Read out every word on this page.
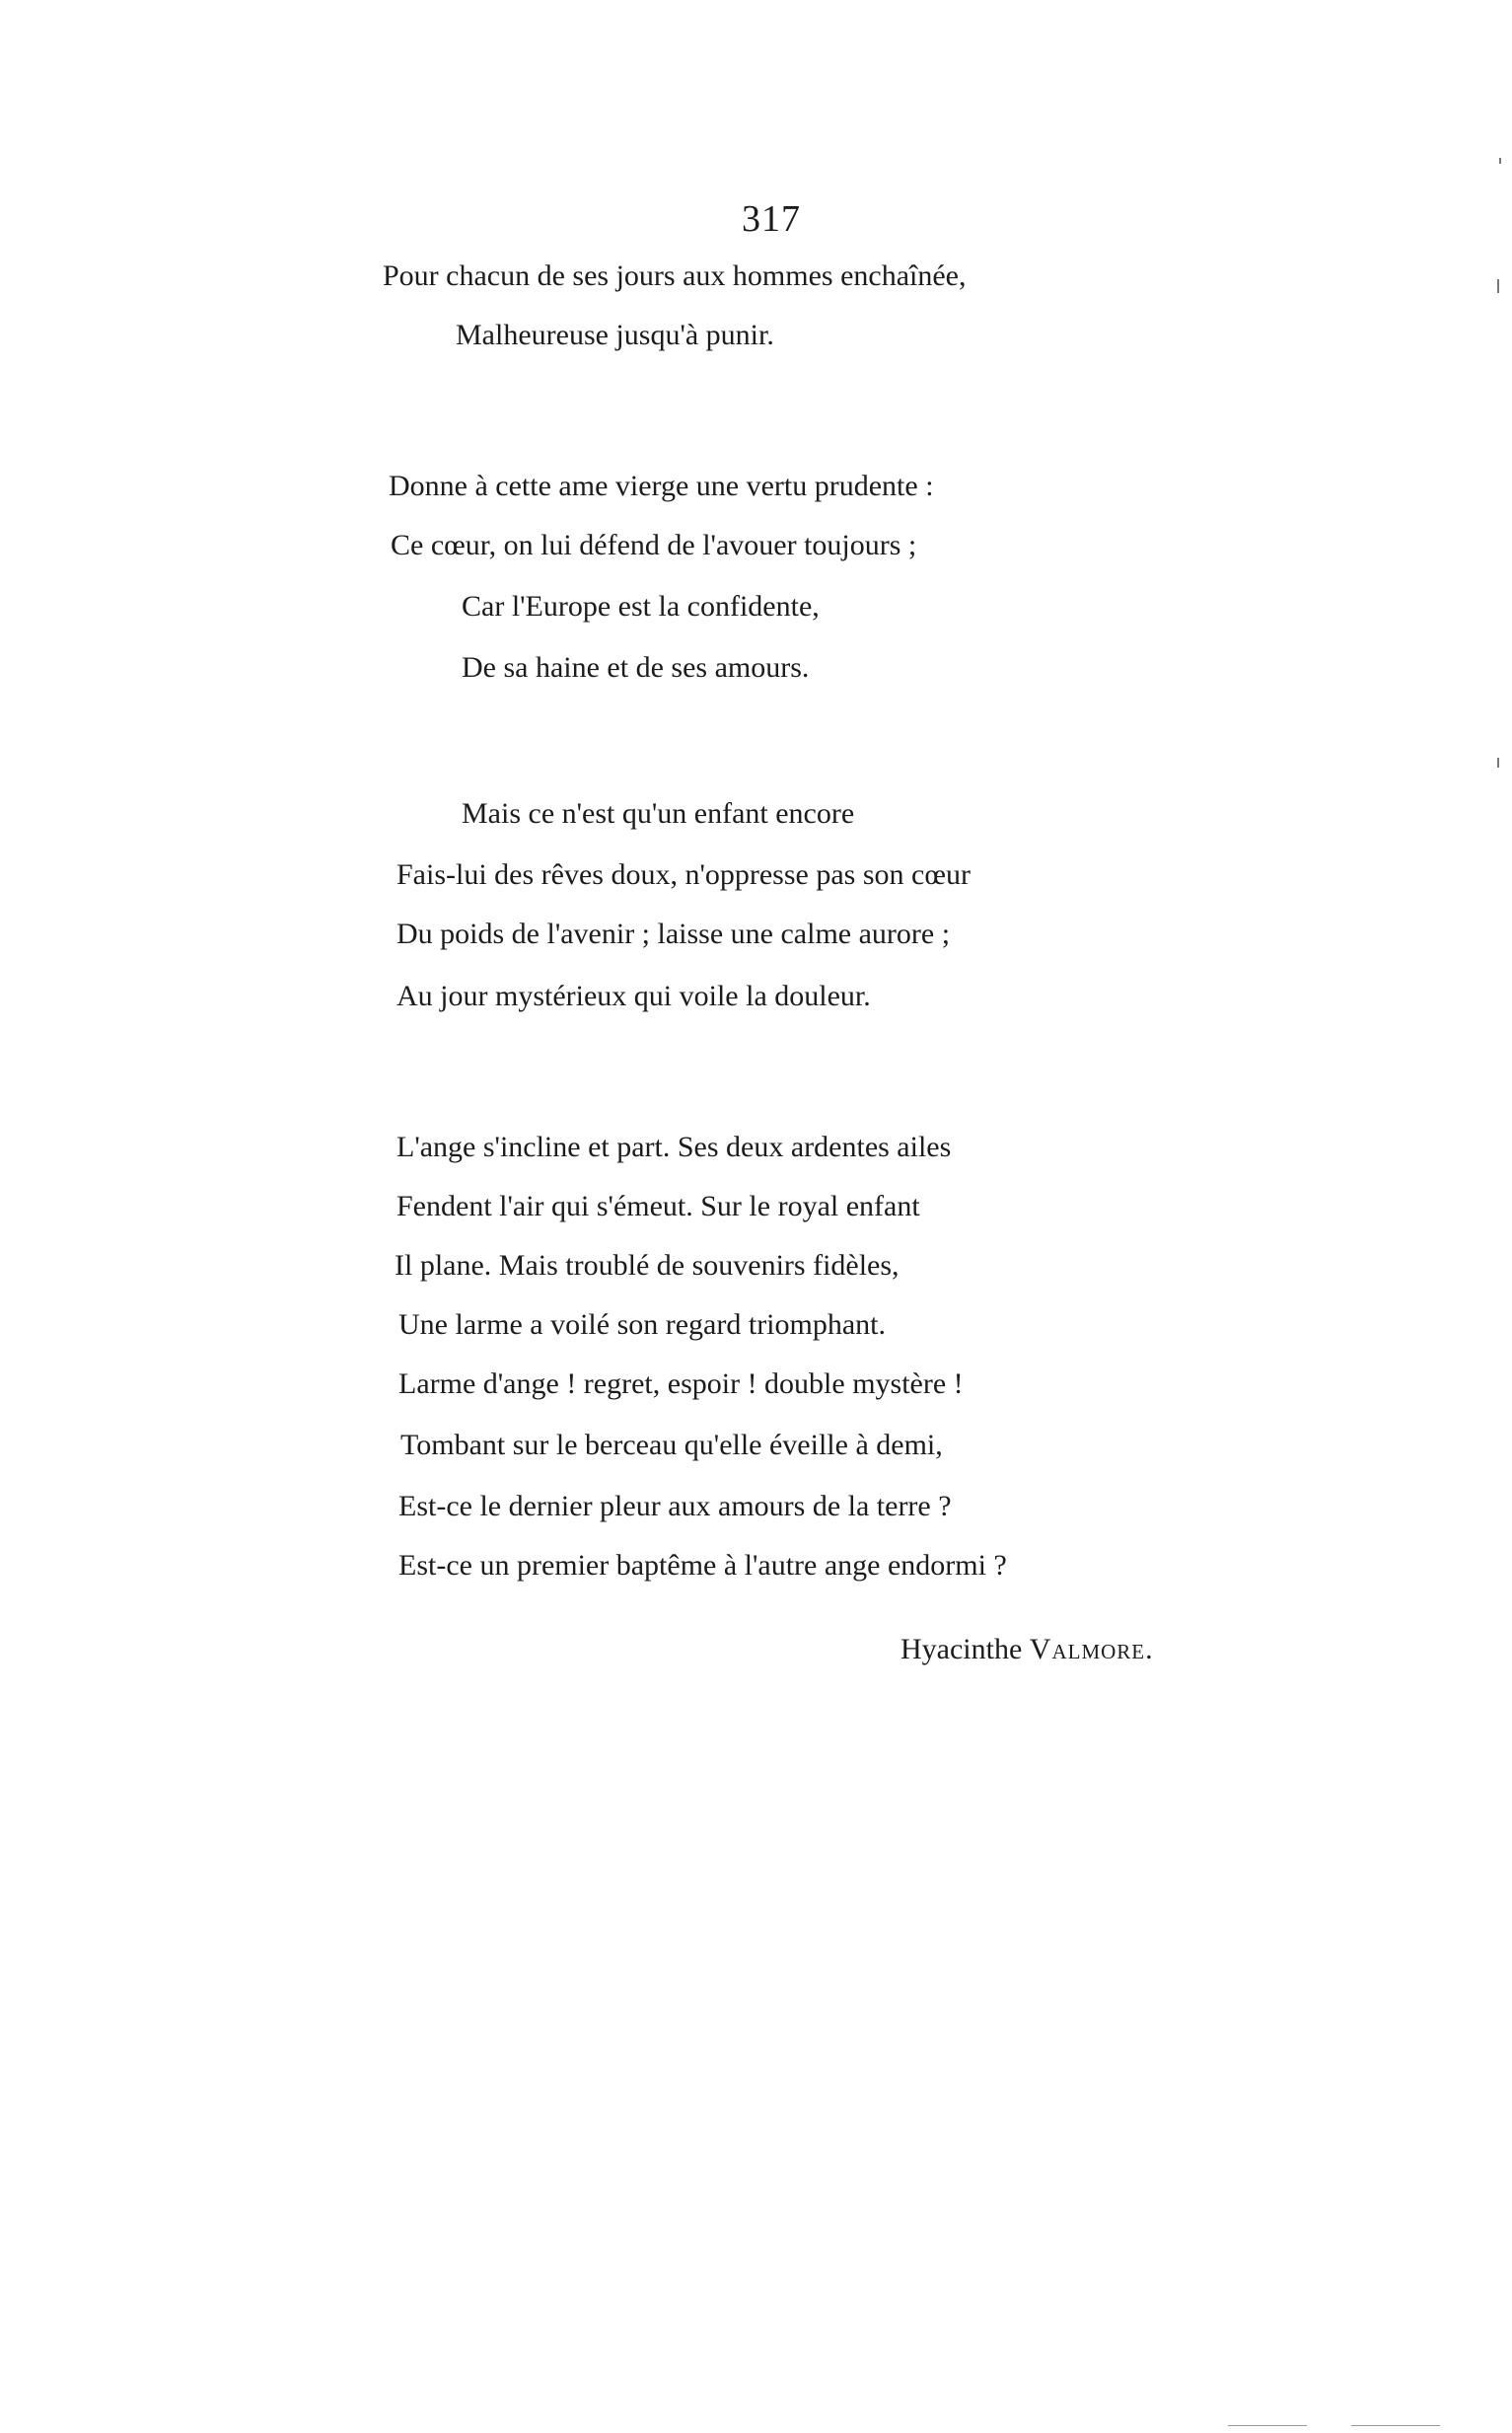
317
Pour chacun de ses jours aux hommes enchaînée,
Malheureuse jusqu'à punir.
Donne à cette ame vierge une vertu prudente :
Ce cœur, on lui défend de l'avouer toujours ;
Car l'Europe est la confidente,
De sa haine et de ses amours.
Mais ce n'est qu'un enfant encore
Fais-lui des rêves doux, n'oppresse pas son cœur
Du poids de l'avenir ; laisse une calme aurore ;
Au jour mystérieux qui voile la douleur.
L'ange s'incline et part. Ses deux ardentes ailes
Fendent l'air qui s'émeut. Sur le royal enfant
Il plane. Mais troublé de souvenirs fidèles,
Une larme a voilé son regard triomphant.
Larme d'ange ! regret, espoir ! double mystère !
Tombant sur le berceau qu'elle éveille à demi,
Est-ce le dernier pleur aux amours de la terre ?
Est-ce un premier baptême à l'autre ange endormi ?
Hyacinthe Valmore.
